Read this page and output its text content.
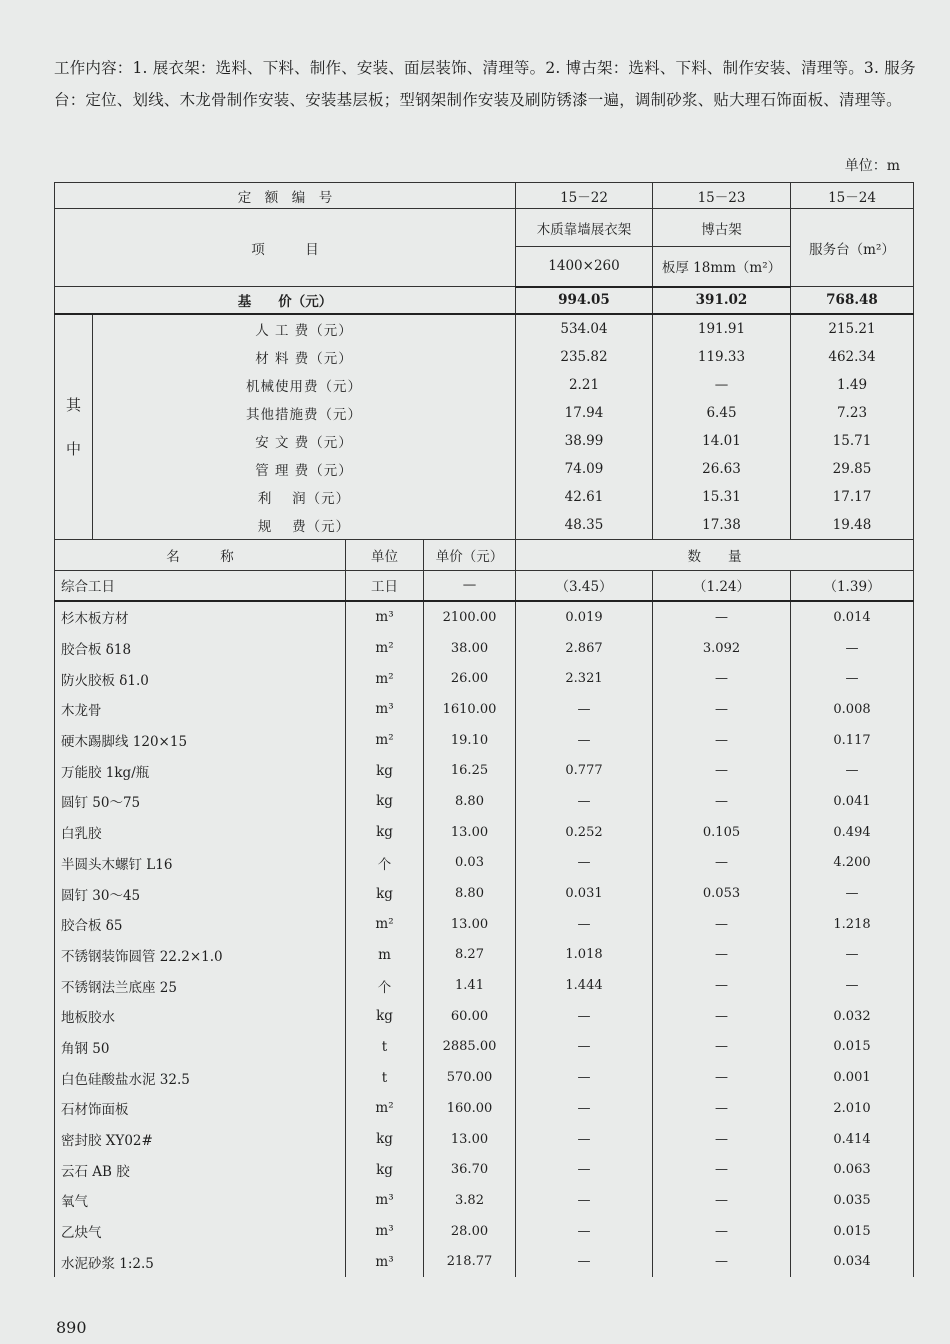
工作内容：1. 展衣架：选料、下料、制作、安装、面层装饰、清理等。2. 博古架：选料、下料、制作安装、清理等。3. 服务台：定位、划线、木龙骨制作安装、安装基层板；型钢架制作安装及刷防锈漆一遍，调制砂浆、贴大理石饰面板、清理等。
单位：m
定　额　编　号				15－22	15－23	15－24
项　　　目				木质靠墙展衣架	博古架	服务台（m²）
				1400×260	板厚 18mm（m²）	
基　　价（元）				994.05	391.02	768.48
其

中	人 工 费（元）			534.04	191.91	215.21
	材 料 费（元）			235.82	119.33	462.34
	机械使用费（元）			2.21	—	1.49
	其他措施费（元）			17.94	6.45	7.23
	安 文 费（元）			38.99	14.01	15.71
	管 理 费（元）			74.09	26.63	29.85
	利　 润（元）			42.61	15.31	17.17
	规　 费（元）			48.35	17.38	19.48
名　　　称		单位	单价（元）	数　　量		
综合工日		工日	—	（3.45）	（1.24）	（1.39）
杉木板方材		m³	2100.00	0.019	—	0.014
胶合板 δ18		m²	38.00	2.867	3.092	—
防火胶板 δ1.0		m²	26.00	2.321	—	—
木龙骨		m³	1610.00	—	—	0.008
硬木踢脚线 120×15		m²	19.10	—	—	0.117
万能胶 1kg/瓶		kg	16.25	0.777	—	—
圆钉 50～75		kg	8.80	—	—	0.041
白乳胶		kg	13.00	0.252	0.105	0.494
半圆头木螺钉 L16		个	0.03	—	—	4.200
圆钉 30～45		kg	8.80	0.031	0.053	—
胶合板 δ5		m²	13.00	—	—	1.218
不锈钢装饰圆管 22.2×1.0		m	8.27	1.018	—	—
不锈钢法兰底座 25		个	1.41	1.444	—	—
地板胶水		kg	60.00	—	—	0.032
角钢 50		t	2885.00	—	—	0.015
白色硅酸盐水泥 32.5		t	570.00	—	—	0.001
石材饰面板		m²	160.00	—	—	2.010
密封胶 XY02#		kg	13.00	—	—	0.414
云石 AB 胶		kg	36.70	—	—	0.063
氧气		m³	3.82	—	—	0.035
乙炔气		m³	28.00	—	—	0.015
水泥砂浆 1:2.5		m³	218.77	—	—	0.034
890
